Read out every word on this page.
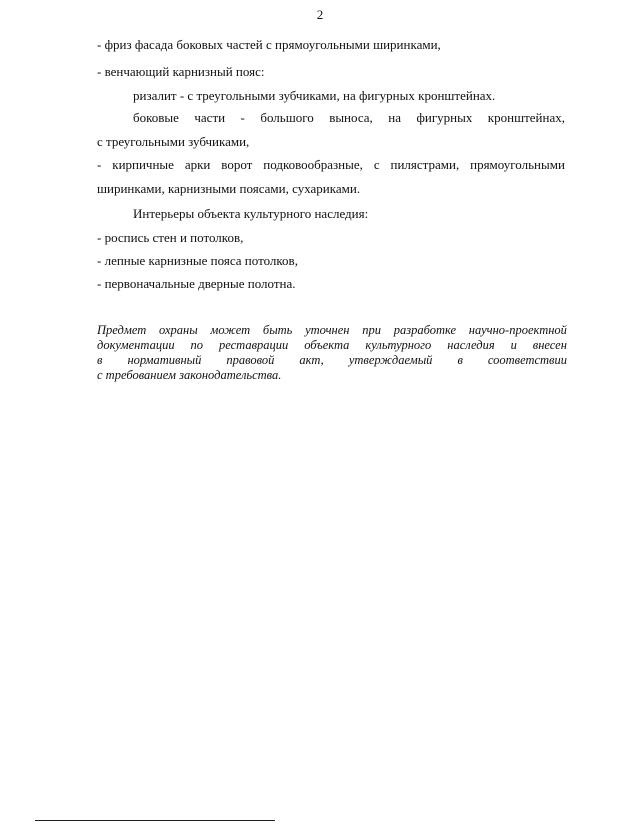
2
- фриз фасада боковых частей с прямоугольными ширинками,
- венчающий карнизный пояс:
ризалит - с треугольными зубчиками, на фигурных кронштейнах.
боковые части - большого выноса, на фигурных кронштейнах,
с треугольными зубчиками,
- кирпичные арки ворот подковообразные, с пилястрами, прямоугольными
ширинками, карнизными поясами, сухариками.
Интерьеры объекта культурного наследия:
- роспись стен и потолков,
- лепные карнизные пояса потолков,
- первоначальные дверные полотна.
Предмет охраны может быть уточнен при разработке научно-проектной
документации по реставрации объекта культурного наследия и внесен
в нормативный правовой акт, утверждаемый в соответствии
с требованием законодательства.
